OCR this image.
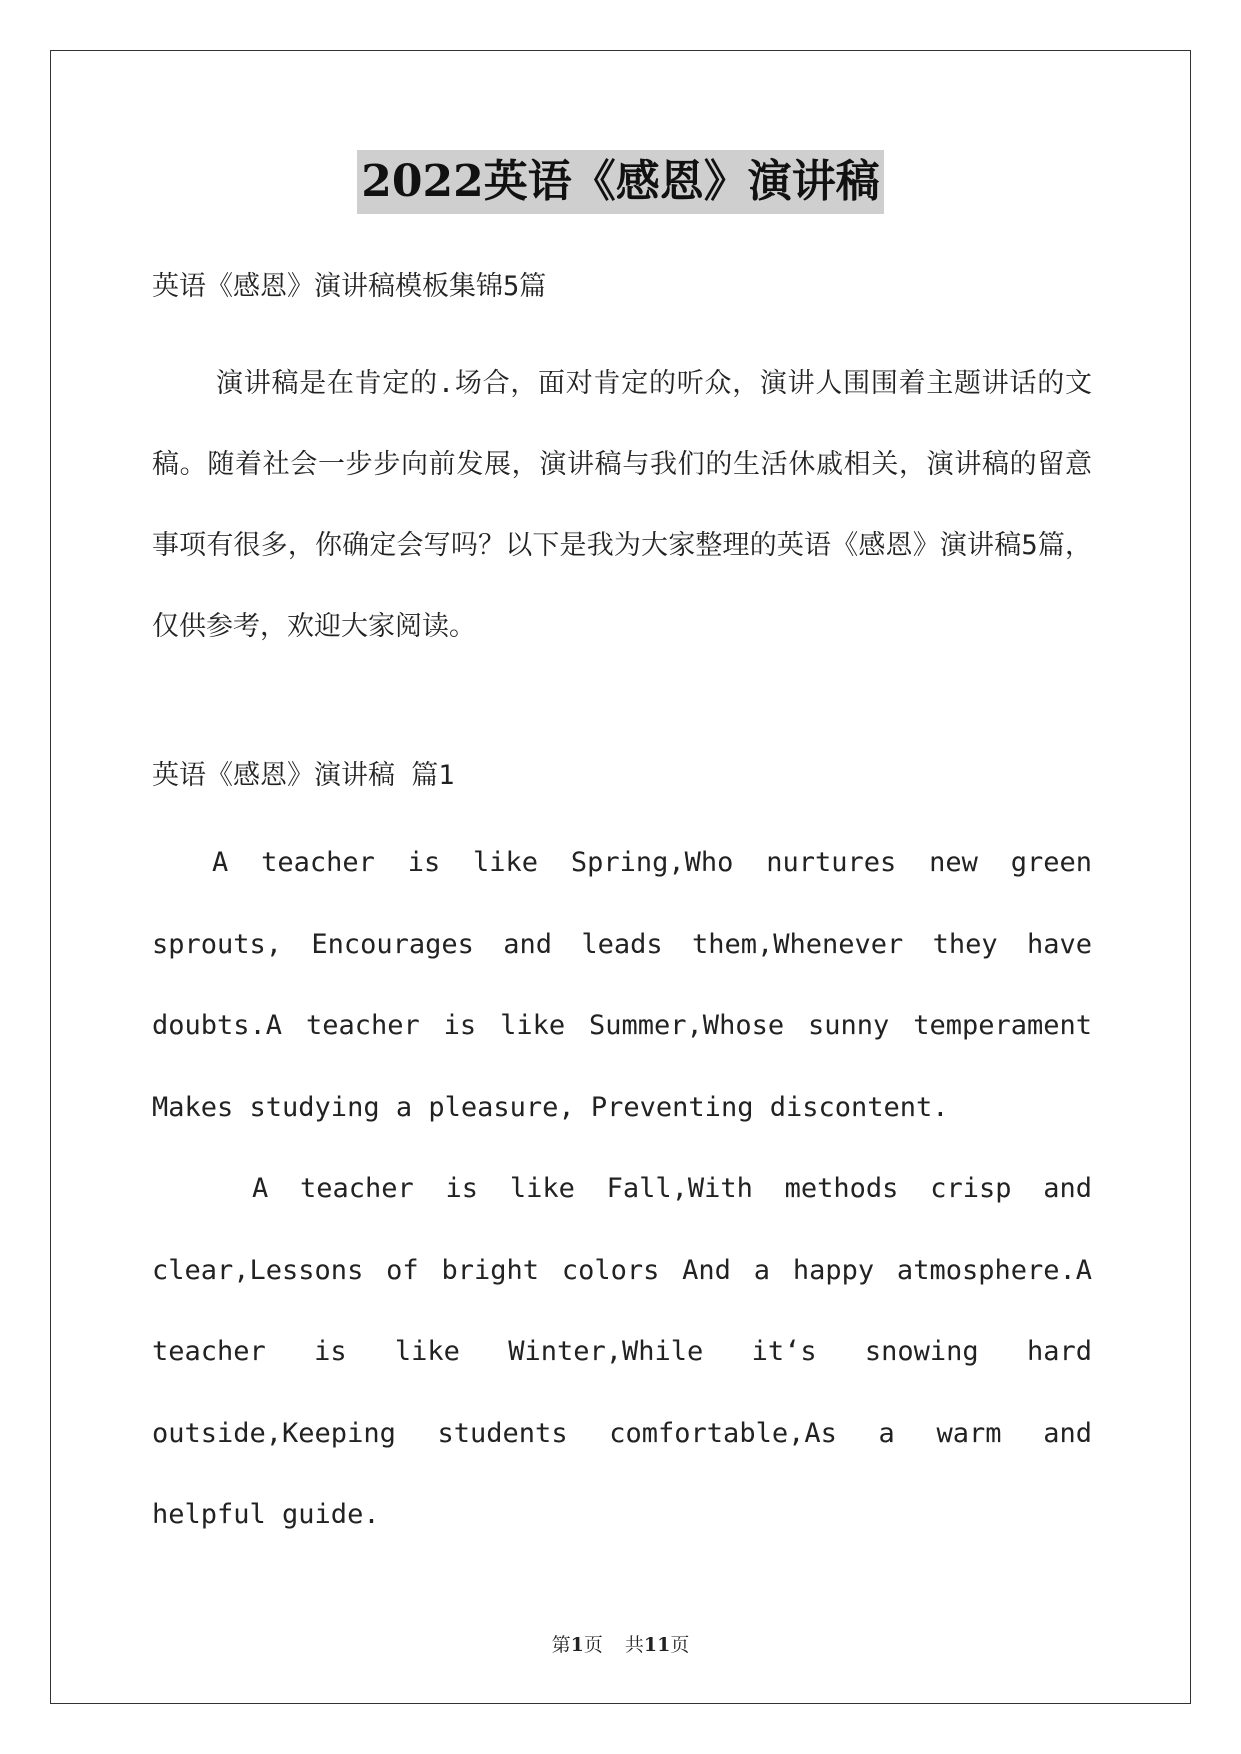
2022英语《感恩》演讲稿
英语《感恩》演讲稿模板集锦5篇
演讲稿是在肯定的.场合，面对肯定的听众，演讲人围围着主题讲话的文稿。随着社会一步步向前发展，演讲稿与我们的生活休戚相关，演讲稿的留意事项有很多，你确定会写吗？以下是我为大家整理的英语《感恩》演讲稿5篇，仅供参考，欢迎大家阅读。
英语《感恩》演讲稿 篇1

A teacher is like Spring,Who nurtures new green sprouts, Encourages and leads them,Whenever they have doubts.A teacher is like Summer,Whose sunny temperament Makes studying a pleasure, Preventing discontent.

A teacher is like Fall,With methods crisp and clear,Lessons of bright colors And a happy atmosphere.A teacher is like Winter,While it‘s snowing hard outside,Keeping students comfortable,As a warm and helpful guide.

第1页 共11页
